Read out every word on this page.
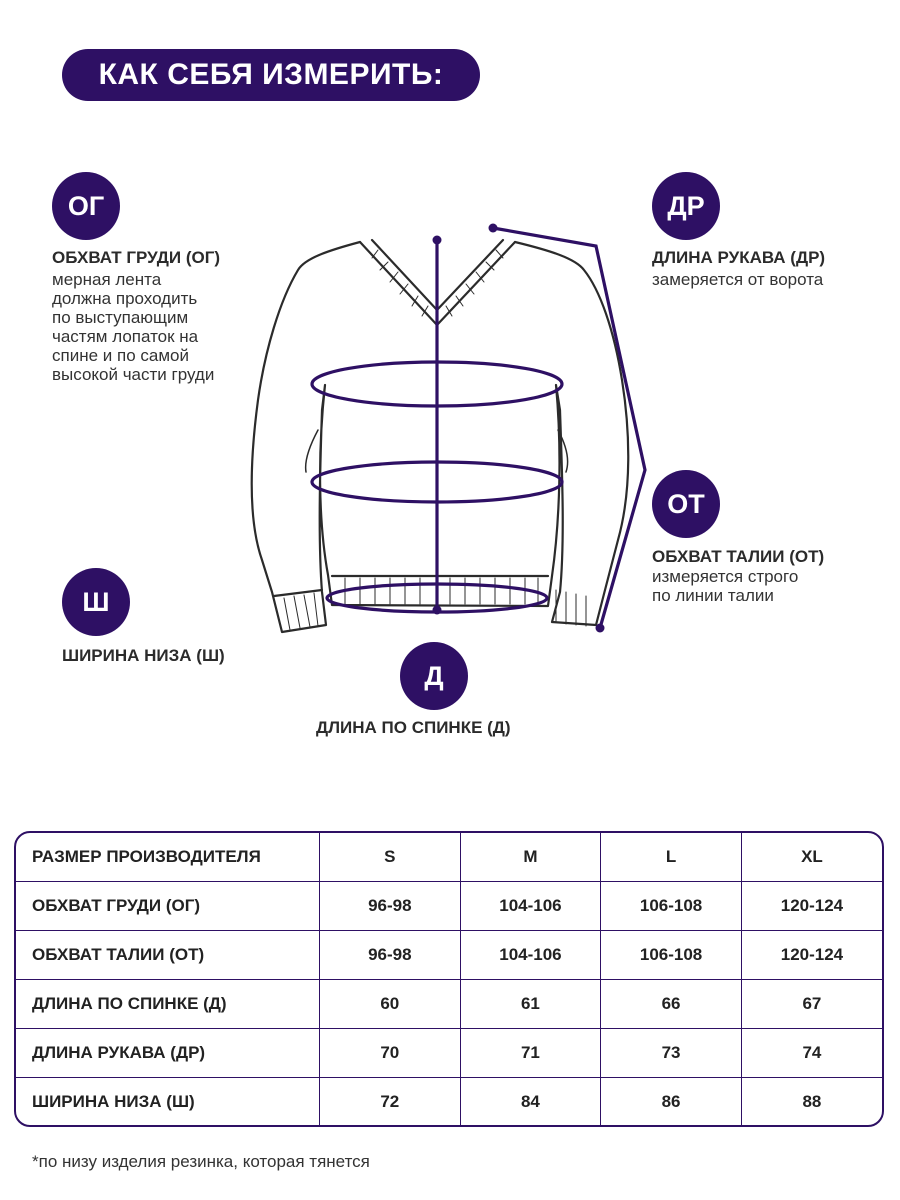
КАК СЕБЯ ИЗМЕРИТЬ:
ОГ
ОБХВАТ ГРУДИ (ОГ)
мерная лента
должна проходить
по выступающим
частям лопаток на
спине и по самой
высокой части груди
ДР
ДЛИНА РУКАВА (ДР)
замеряется от ворота
ОТ
ОБХВАТ ТАЛИИ (ОТ)
измеряется строго
по линии талии
Ш
ШИРИНА НИЗА (Ш)
Д
ДЛИНА ПО СПИНКЕ (Д)
РАЗМЕР ПРОИЗВОДИТЕЛЯ	S	M	L	XL
ОБХВАТ ГРУДИ (ОГ)	96-98	104-106	106-108	120-124
ОБХВАТ ТАЛИИ (ОТ)	96-98	104-106	106-108	120-124
ДЛИНА ПО СПИНКЕ (Д)	60	61	66	67
ДЛИНА РУКАВА (ДР)	70	71	73	74
ШИРИНА НИЗА (Ш)	72	84	86	88
*по низу изделия резинка, которая тянется
